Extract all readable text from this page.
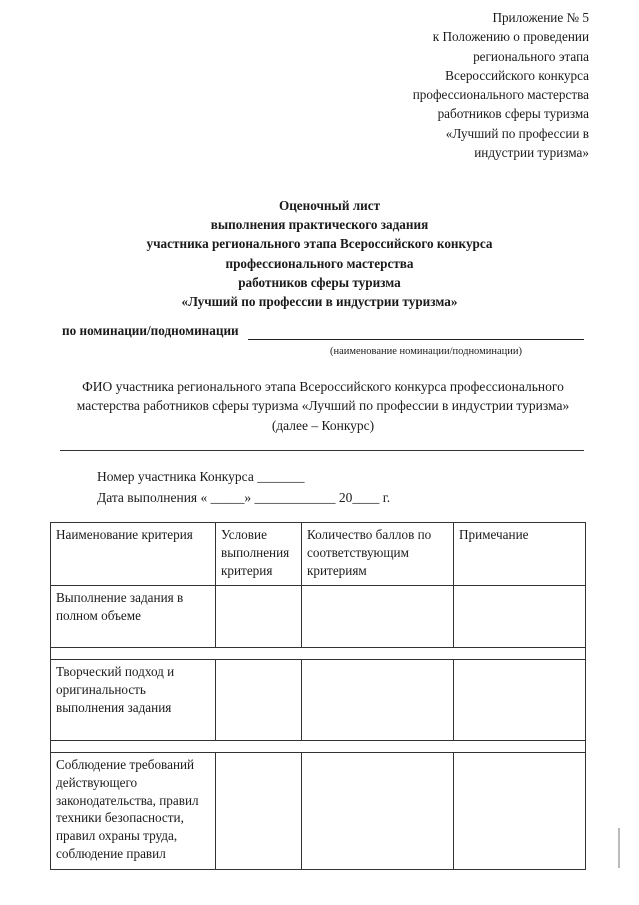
Приложение № 5
к Положению о проведении
регионального этапа
Всероссийского конкурса
профессионального мастерства
работников сферы туризма
«Лучший по профессии в
индустрии туризма»
Оценочный лист
выполнения практического задания
участника регионального этапа Всероссийского конкурса
профессионального мастерства
работников сферы туризма
«Лучший по профессии в индустрии туризма»
по номинации/подноминации
(наименование номинации/подноминации)
ФИО участника регионального этапа Всероссийского конкурса профессионального
мастерства работников сферы туризма «Лучший по профессии в индустрии туризма»
(далее – Конкурс)
Номер участника Конкурса _______
Дата выполнения « _____» ____________ 20____ г.
Наименование критерия	Условие выполнения критерия	Количество баллов по соответствующим критериям	Примечание
Выполнение задания в полном объеме			

Творческий подход и оригинальность выполнения задания			

Соблюдение требований действующего законодательства, правил техники безопасности, правил охраны труда, соблюдение правил			
